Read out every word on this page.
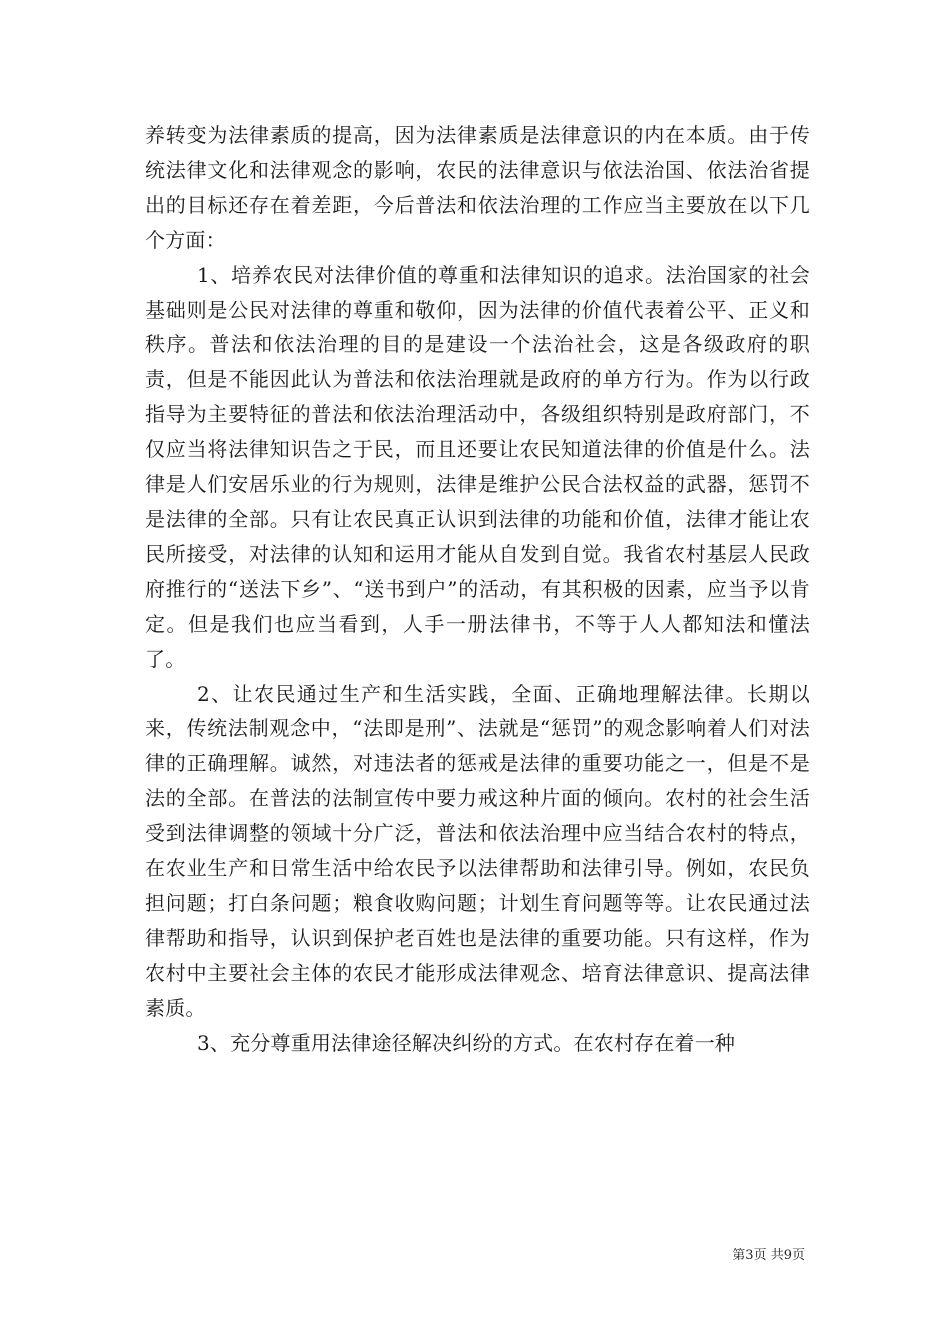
养转变为法律素质的提高，因为法律素质是法律意识的内在本质。由于传统法律文化和法律观念的影响，农民的法律意识与依法治国、依法治省提出的目标还存在着差距，今后普法和依法治理的工作应当主要放在以下几个方面：

1、培养农民对法律价值的尊重和法律知识的追求。法治国家的社会基础则是公民对法律的尊重和敬仰，因为法律的价值代表着公平、正义和秩序。普法和依法治理的目的是建设一个法治社会，这是各级政府的职责，但是不能因此认为普法和依法治理就是政府的单方行为。作为以行政指导为主要特征的普法和依法治理活动中，各级组织特别是政府部门，不仅应当将法律知识告之于民，而且还要让农民知道法律的价值是什么。法律是人们安居乐业的行为规则，法律是维护公民合法权益的武器，惩罚不是法律的全部。只有让农民真正认识到法律的功能和价值，法律才能让农民所接受，对法律的认知和运用才能从自发到自觉。我省农村基层人民政府推行的“送法下乡”、“送书到户”的活动，有其积极的因素，应当予以肯定。但是我们也应当看到，人手一册法律书，不等于人人都知法和懂法了。

2、让农民通过生产和生活实践，全面、正确地理解法律。长期以来，传统法制观念中，“法即是刑”、法就是“惩罚”的观念影响着人们对法律的正确理解。诚然，对违法者的惩戒是法律的重要功能之一，但是不是法的全部。在普法的法制宣传中要力戒这种片面的倾向。农村的社会生活受到法律调整的领域十分广泛，普法和依法治理中应当结合农村的特点，在农业生产和日常生活中给农民予以法律帮助和法律引导。例如，农民负担问题；打白条问题；粮食收购问题；计划生育问题等等。让农民通过法律帮助和指导，认识到保护老百姓也是法律的重要功能。只有这样，作为农村中主要社会主体的农民才能形成法律观念、培育法律意识、提高法律素质。

3、充分尊重用法律途径解决纠纷的方式。在农村存在着一种

第3页 共9页
